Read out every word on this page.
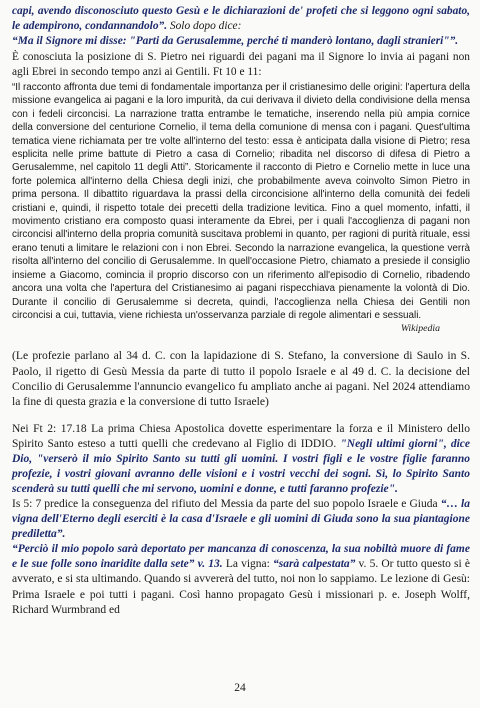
capi, avendo disconosciuto questo Gesù e le dichiarazioni de' profeti che si leggono ogni sabato, le adempirono, condannandolo”. Solo dopo dice:
“Ma il Signore mi disse: "Parti da Gerusalemme, perché ti manderò lontano, dagli stranieri"”.
È conosciuta la posizione di S. Pietro nei riguardi dei pagani ma il Signore lo invia ai pagani non agli Ebrei in secondo tempo anzi ai Gentili. Ft 10 e 11:

“Il racconto affronta due temi di fondamentale importanza per il cristianesimo delle origini: l'apertura della missione evangelica ai pagani e la loro impurità, da cui derivava il divieto della condivisione della mensa con i fedeli circoncisi. La narrazione tratta entrambe le tematiche, inserendo nella più ampia cornice della conversione del centurione Cornelio, il tema della comunione di mensa con i pagani. Quest'ultima tematica viene richiamata per tre volte all'interno del testo: essa è anticipata dalla visione di Pietro; resa esplicita nelle prime battute di Pietro a casa di Cornelio; ribadita nel discorso di difesa di Pietro a Gerusalemme, nel capitolo 11 degli Atti”. Storicamente il racconto di Pietro e Cornelio mette in luce una forte polemica all'interno della Chiesa degli inizi, che probabilmente aveva coinvolto Simon Pietro in prima persona. Il dibattito riguardava la prassi della circoncisione all'interno della comunità dei fedeli cristiani e, quindi, il rispetto totale dei precetti della tradizione levitica. Fino a quel momento, infatti, il movimento cristiano era composto quasi interamente da Ebrei, per i quali l'accoglienza di pagani non circoncisi all'interno della propria comunità suscitava problemi in quanto, per ragioni di purità rituale, essi erano tenuti a limitare le relazioni con i non Ebrei. Secondo la narrazione evangelica, la questione verrà risolta all'interno del concilio di Gerusalemme. In quell'occasione Pietro, chiamato a presiede il consiglio insieme a Giacomo, comincia il proprio discorso con un riferimento all'episodio di Cornelio, ribadendo ancora una volta che l'apertura del Cristianesimo ai pagani rispecchiava pienamente la volontà di Dio. Durante il concilio di Gerusalemme si decreta, quindi, l'accoglienza nella Chiesa dei Gentili non circoncisi a cui, tuttavia, viene richiesta un'osservanza parziale di regole alimentari e sessuali.

Wikipedia

(Le profezie parlano al 34 d. C. con la lapidazione di S. Stefano, la conversione di Saulo in S. Paolo, il rigetto di Gesù Messia da parte di tutto il popolo Israele e al 49 d. C. la decisione del Concilio di Gerusalemme l'annuncio evangelico fu ampliato anche ai pagani. Nel 2024 attendiamo la fine di questa grazia e la conversione di tutto Israele)

Nei Ft 2: 17.18 La prima Chiesa Apostolica dovette esperimentare la forza e il Ministero dello Spirito Santo esteso a tutti quelli che credevano al Figlio di IDDIO. "Negli ultimi giorni", dice Dio, "verserò il mio Spirito Santo su tutti gli uomini. I vostri figli e le vostre figlie faranno profezie, i vostri giovani avranno delle visioni e i vostri vecchi dei sogni. Sì, lo Spirito Santo scenderà su tutti quelli che mi servono, uomini e donne, e tutti faranno profezie".
Is 5: 7 predice la conseguenza del rifiuto del Messia da parte del suo popolo Israele e Giuda “… la vigna dell'Eterno degli eserciti è la casa d'Israele e gli uomini di Giuda sono la sua piantagione prediletta”.
“Perciò il mio popolo sarà deportato per mancanza di conoscenza, la sua nobiltà muore di fame e le sue folle sono inaridite dalla sete” v. 13. La vigna: “sarà calpestata” v. 5. Or tutto questo si è avverato, e si sta ultimando. Quando si avvererà del tutto, noi non lo sappiamo. Le lezione di Gesù: Prima Israele e poi tutti i pagani. Così hanno propagato Gesù i missionari p. e. Joseph Wolff, Richard Wurmbrand ed

24
